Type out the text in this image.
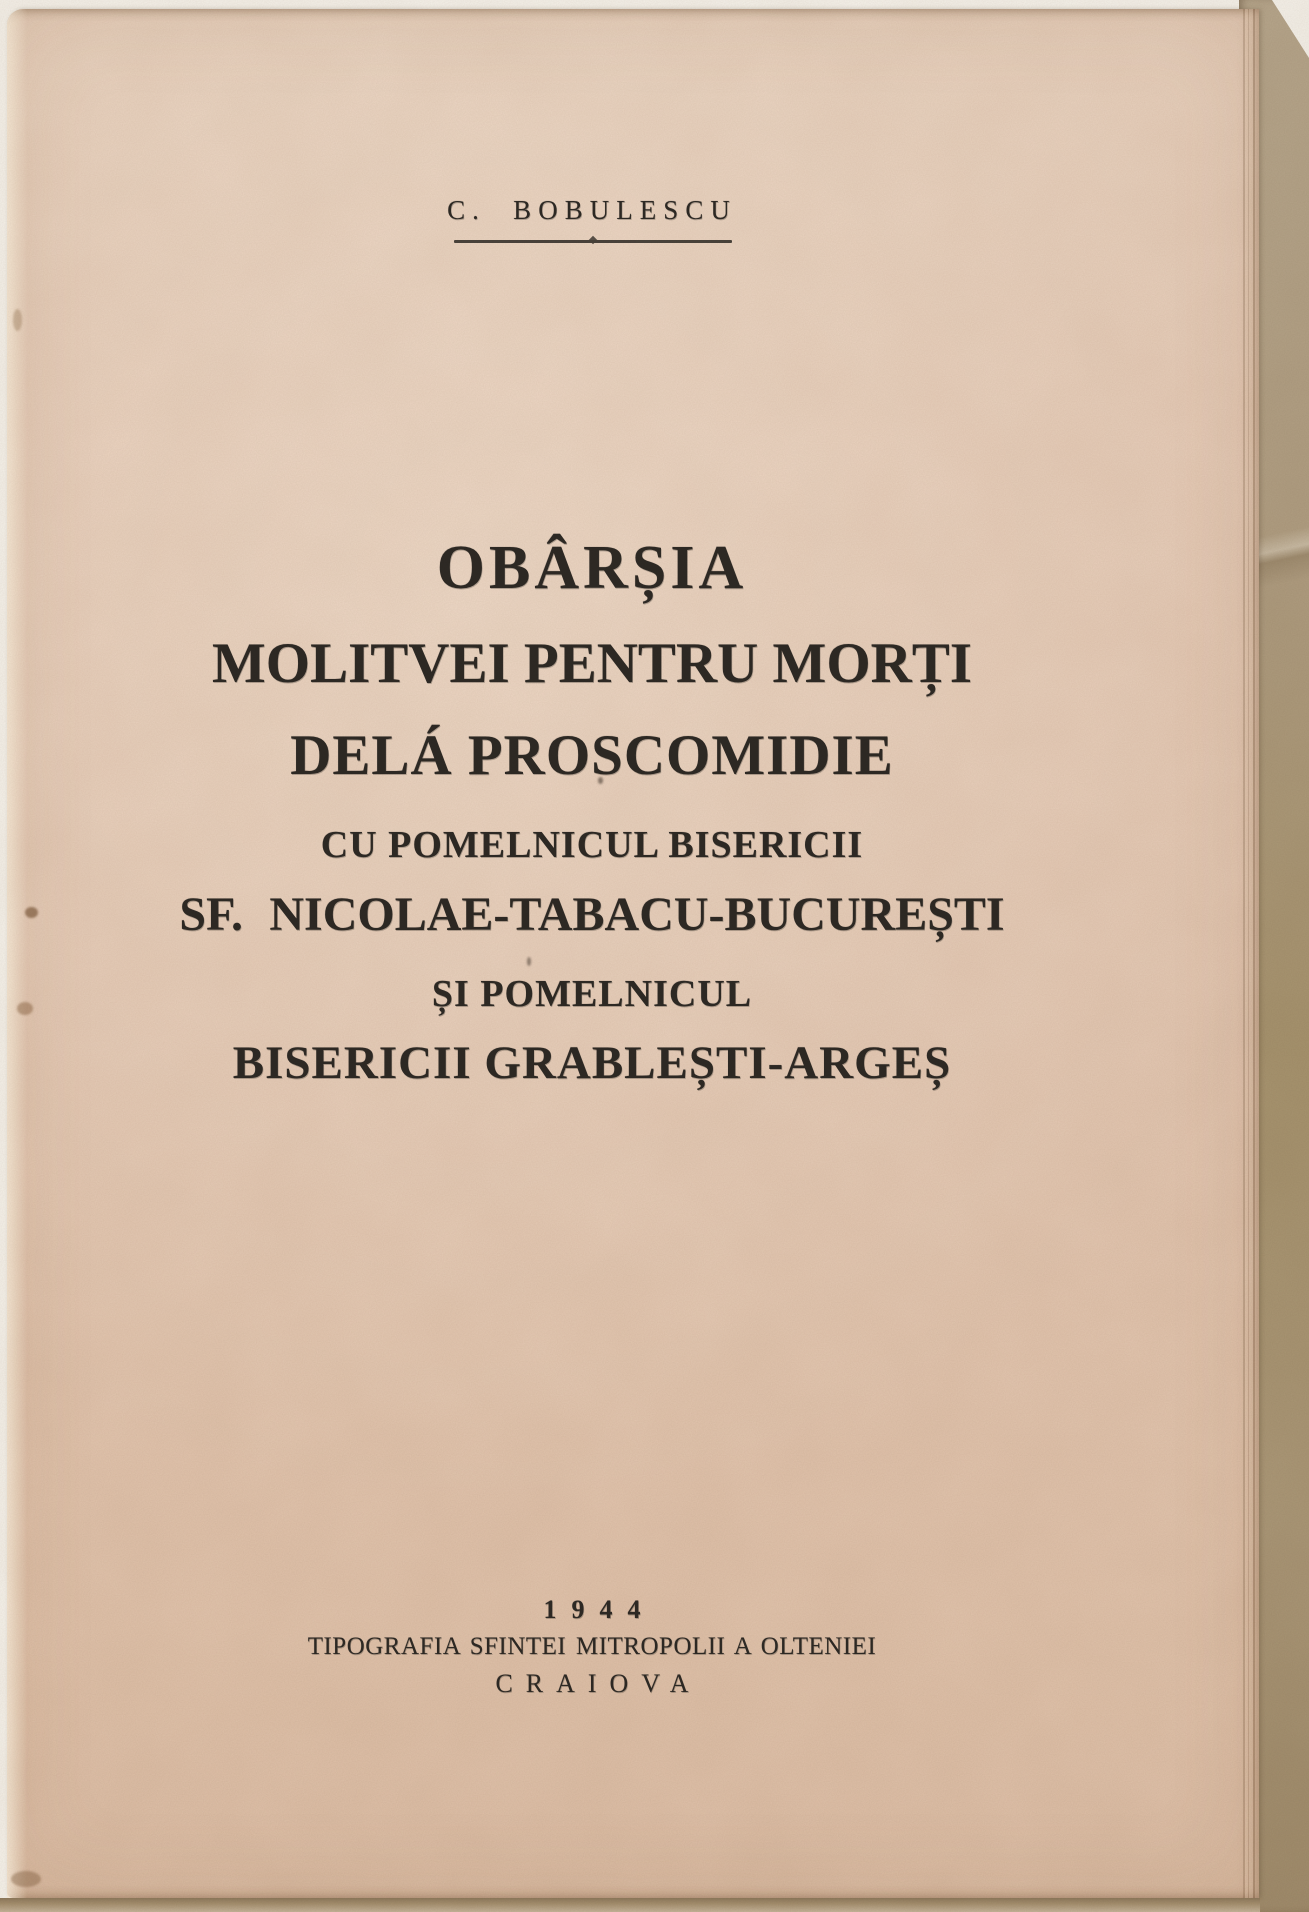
C. BOBULESCU
OBÂRȘIA
MOLITVEI PENTRU MORȚI
DELÁ PROSCOMIDIE
CU POMELNICUL BISERICII
SF. NICOLAE-TABACU-BUCUREȘTI
ȘI POMELNICUL
BISERICII GRABLEȘTI-ARGEȘ
1944
TIPOGRAFIA SFINTEI MITROPOLII A OLTENIEI
CRAIOVA
